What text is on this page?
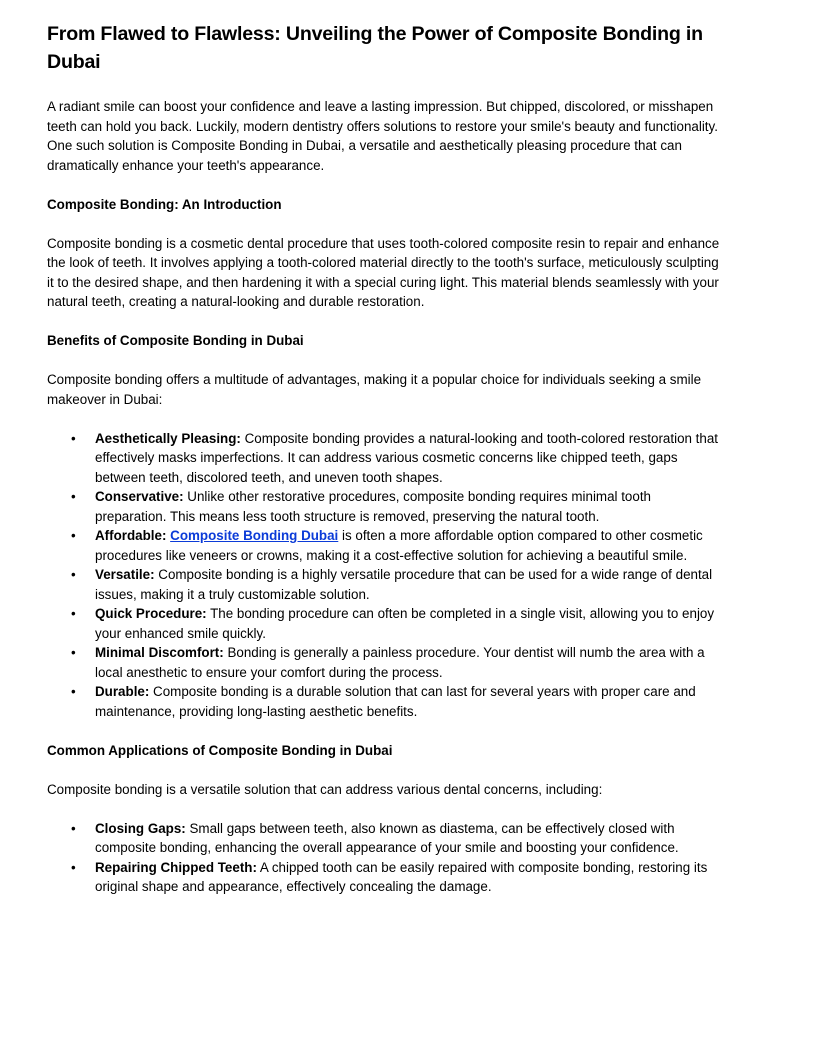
From Flawed to Flawless: Unveiling the Power of Composite Bonding in Dubai

A radiant smile can boost your confidence and leave a lasting impression. But chipped, discolored, or misshapen teeth can hold you back. Luckily, modern dentistry offers solutions to restore your smile's beauty and functionality. One such solution is Composite Bonding in Dubai, a versatile and aesthetically pleasing procedure that can dramatically enhance your teeth's appearance.

Composite Bonding: An Introduction

Composite bonding is a cosmetic dental procedure that uses tooth-colored composite resin to repair and enhance the look of teeth. It involves applying a tooth-colored material directly to the tooth's surface, meticulously sculpting it to the desired shape, and then hardening it with a special curing light. This material blends seamlessly with your natural teeth, creating a natural-looking and durable restoration.

Benefits of Composite Bonding in Dubai

Composite bonding offers a multitude of advantages, making it a popular choice for individuals seeking a smile makeover in Dubai:

• Aesthetically Pleasing: Composite bonding provides a natural-looking and tooth-colored restoration that effectively masks imperfections. It can address various cosmetic concerns like chipped teeth, gaps between teeth, discolored teeth, and uneven tooth shapes.
• Conservative: Unlike other restorative procedures, composite bonding requires minimal tooth preparation. This means less tooth structure is removed, preserving the natural tooth.
• Affordable: Composite Bonding Dubai is often a more affordable option compared to other cosmetic procedures like veneers or crowns, making it a cost-effective solution for achieving a beautiful smile.
• Versatile: Composite bonding is a highly versatile procedure that can be used for a wide range of dental issues, making it a truly customizable solution.
• Quick Procedure: The bonding procedure can often be completed in a single visit, allowing you to enjoy your enhanced smile quickly.
• Minimal Discomfort: Bonding is generally a painless procedure. Your dentist will numb the area with a local anesthetic to ensure your comfort during the process.
• Durable: Composite bonding is a durable solution that can last for several years with proper care and maintenance, providing long-lasting aesthetic benefits.
Common Applications of Composite Bonding in Dubai

Composite bonding is a versatile solution that can address various dental concerns, including:

• Closing Gaps: Small gaps between teeth, also known as diastema, can be effectively closed with composite bonding, enhancing the overall appearance of your smile and boosting your confidence.
• Repairing Chipped Teeth: A chipped tooth can be easily repaired with composite bonding, restoring its original shape and appearance, effectively concealing the damage.
